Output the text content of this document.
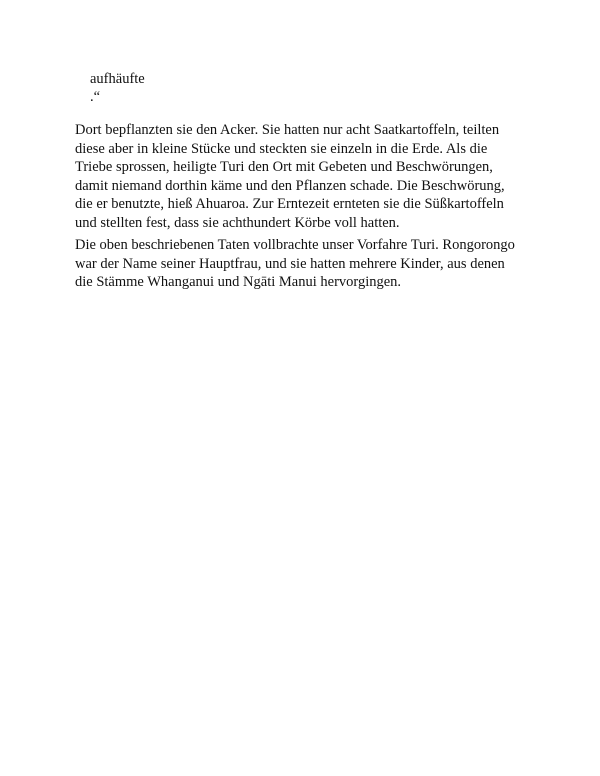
aufhäufte
.“
Dort bepflanzten sie den Acker. Sie hatten nur acht Saatkartoffeln, teilten
diese aber in kleine Stücke und steckten sie einzeln in die Erde. Als die
Triebe sprossen, heiligte Turi den Ort mit Gebeten und Beschwörungen,
damit niemand dorthin käme und den Pflanzen schade. Die Beschwörung,
die er benutzte, hieß Ahuaroa. Zur Erntezeit ernteten sie die Süßkartoffeln
und stellten fest, dass sie achthundert Körbe voll hatten.
Die oben beschriebenen Taten vollbrachte unser Vorfahre Turi. Rongorongo
war der Name seiner Hauptfrau, und sie hatten mehrere Kinder, aus denen
die Stämme Whanganui und Ngāti Manui hervorgingen.
